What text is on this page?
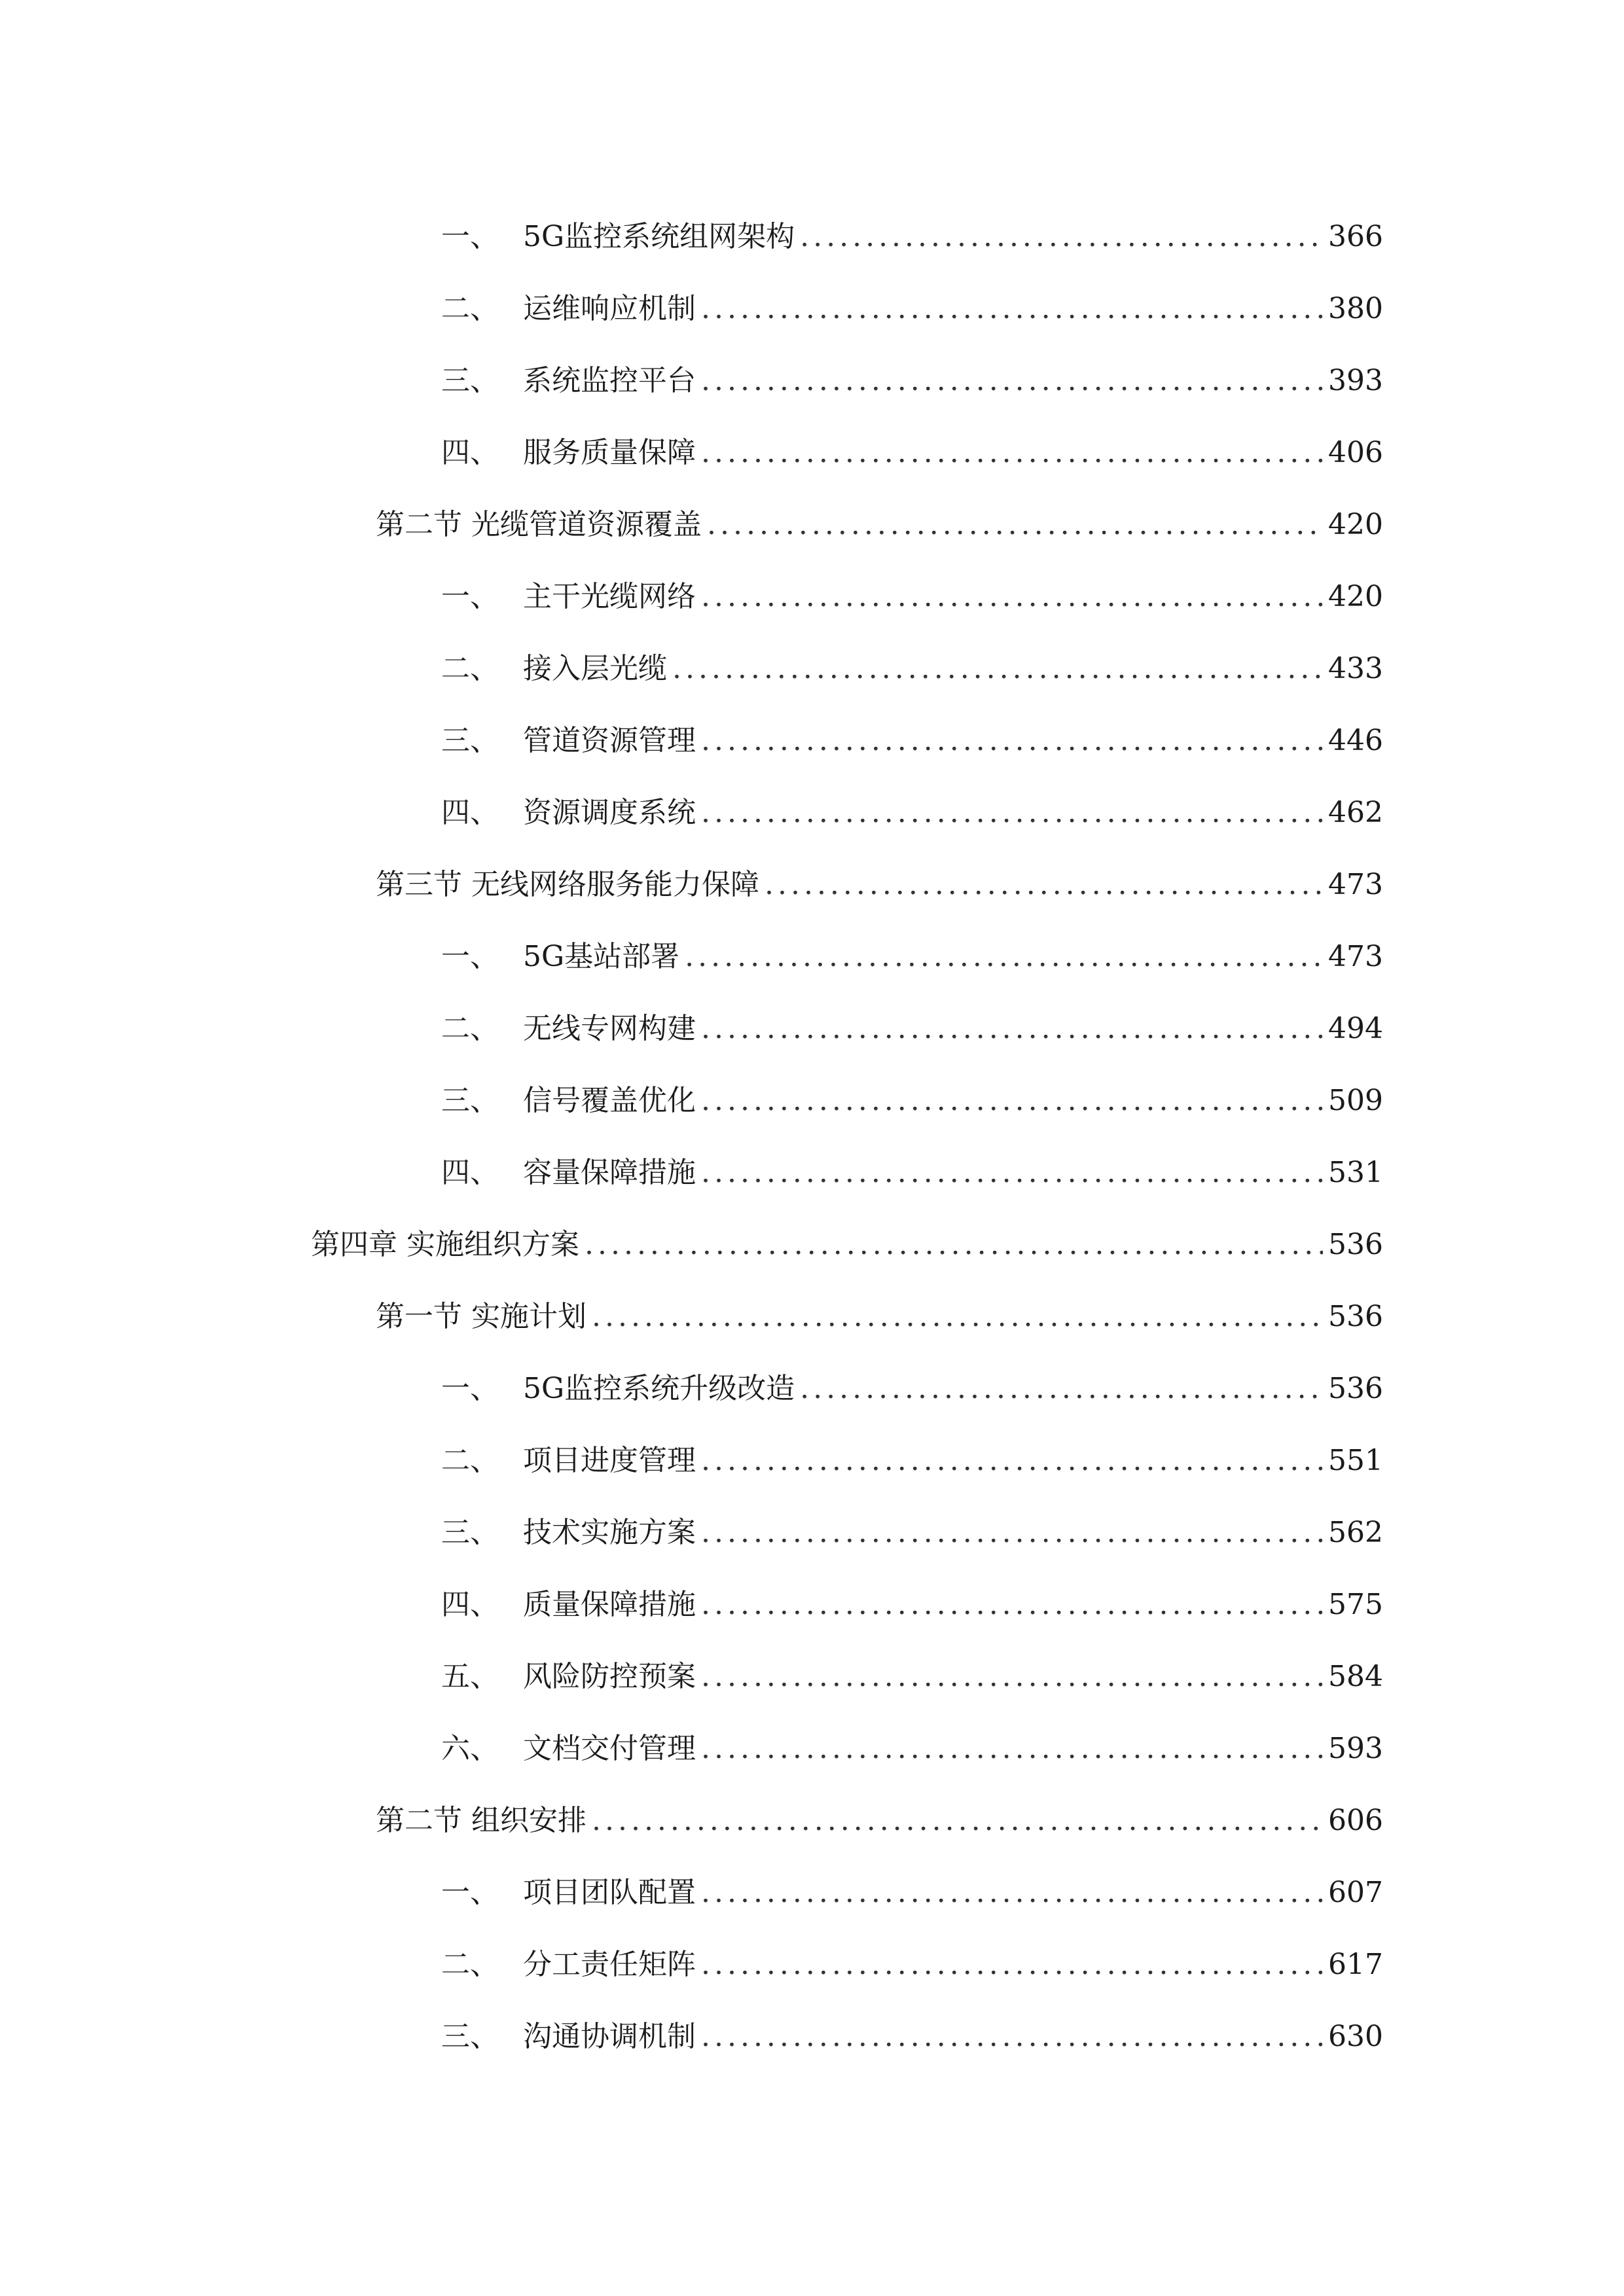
一、 5G监控系统组网架构 .....	366
二、 运维响应机制 .....	380
三、 系统监控平台 .....	393
四、 服务质量保障 .....	406
第二节 光缆管道资源覆盖 .....	420
一、 主干光缆网络 .....	420
二、 接入层光缆 .....	433
三、 管道资源管理 .....	446
四、 资源调度系统 .....	462
第三节 无线网络服务能力保障 .....	473
一、 5G基站部署 .....	473
二、 无线专网构建 .....	494
三、 信号覆盖优化 .....	509
四、 容量保障措施 .....	531
第四章 实施组织方案 .....	536
第一节 实施计划 .....	536
一、 5G监控系统升级改造 .....	536
二、 项目进度管理 .....	551
三、 技术实施方案 .....	562
四、 质量保障措施 .....	575
五、 风险防控预案 .....	584
六、 文档交付管理 .....	593
第二节 组织安排 .....	606
一、 项目团队配置 .....	607
二、 分工责任矩阵 .....	617
三、 沟通协调机制 .....	630
